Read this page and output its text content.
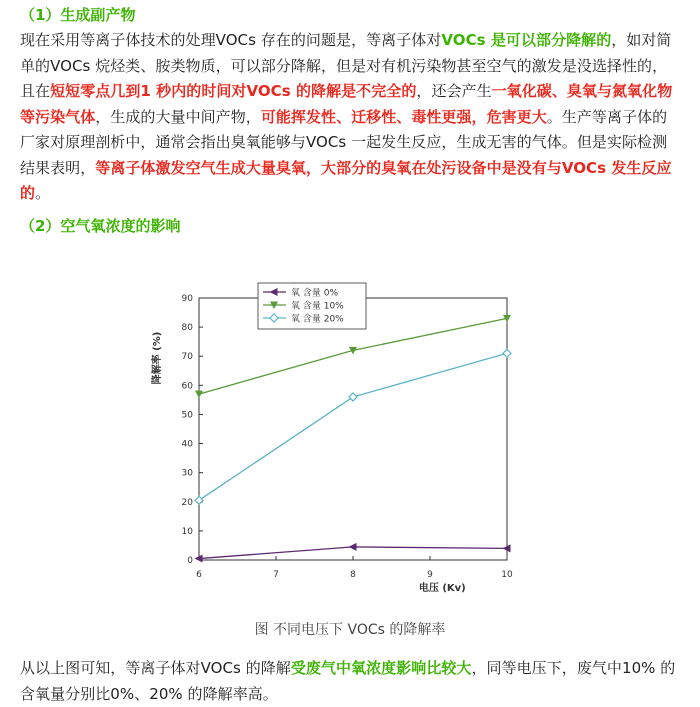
（1）生成副产物

现在采用等离子体技术的处理VOCs 存在的问题是，等离子体对VOCs 是可以部分降解的，如对简单的VOCs 烷烃类、胺类物质，可以部分降解，但是对有机污染物甚至空气的激发是没选择性的，且在短短零点几到1 秒内的时间对VOCs 的降解是不完全的，还会产生一氧化碳、臭氧与氮氧化物等污染气体，生成的大量中间产物，可能挥发性、迁移性、毒性更强，危害更大。生产等离子体的厂家对原理剖析中，通常会指出臭氧能够与VOCs 一起发生反应，生成无害的气体。但是实际检测结果表明，等离子体激发空气生成大量臭氧，大部分的臭氧在处污设备中是没有与VOCs 发生反应的。

（2）空气氧浓度的影响
0
10
20
30
40
50
60
70
80
90
6	7	8	9	10
电压 (Kv)
降解率 (%)
氧 含量 0%
氧 含量 10%
氧 含量 20%
图 不同电压下 VOCs 的降解率

从以上图可知，等离子体对VOCs 的降解受废气中氧浓度影响比较大，同等电压下，废气中10% 的含氧量分别比0%、20% 的降解率高。
